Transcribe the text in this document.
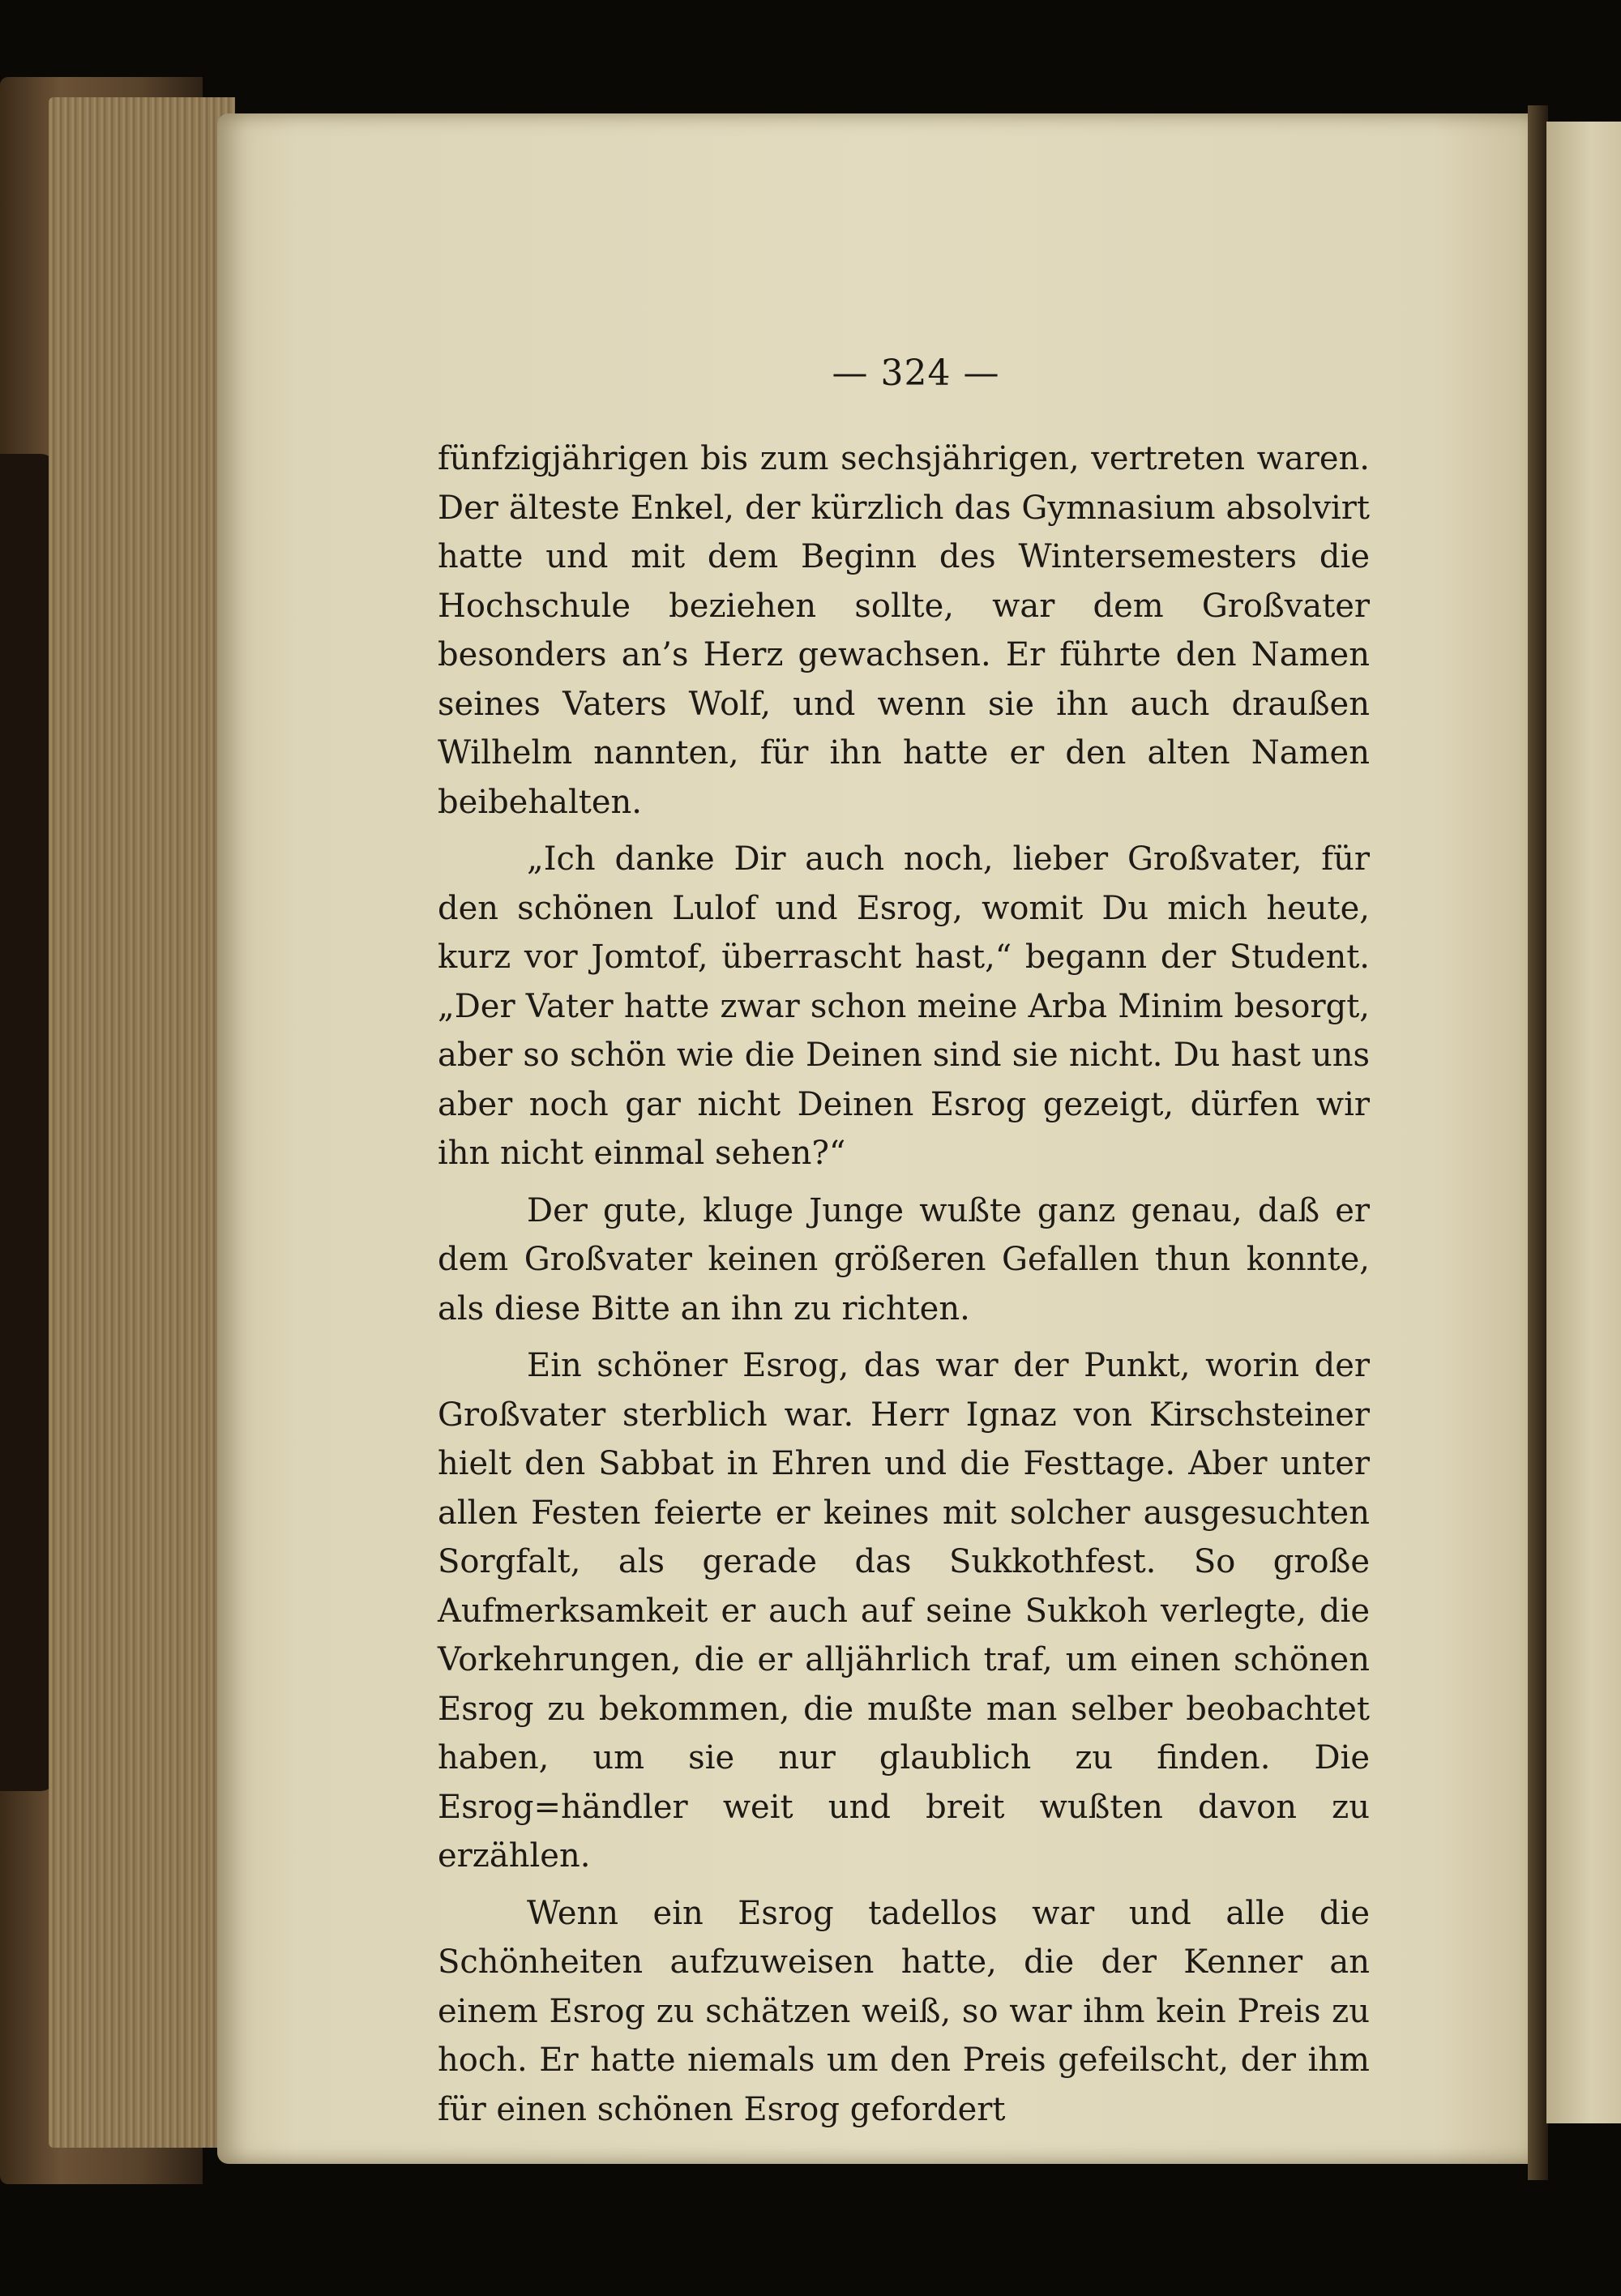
— 324 —

fünfzigjährigen bis zum sechsjährigen, vertreten waren. Der älteste Enkel, der kürzlich das Gymnasium absolvirt hatte und mit dem Beginn des Wintersemesters die Hochschule beziehen sollte, war dem Großvater besonders an’s Herz gewachsen. Er führte den Namen seines Vaters Wolf, und wenn sie ihn auch draußen Wilhelm nannten, für ihn hatte er den alten Namen beibehalten.

„Ich danke Dir auch noch, lieber Großvater, für den schönen Lulof und Esrog, womit Du mich heute, kurz vor Jomtof, überrascht hast,“ begann der Student. „Der Vater hatte zwar schon meine Arba Minim besorgt, aber so schön wie die Deinen sind sie nicht. Du hast uns aber noch gar nicht Deinen Esrog gezeigt, dürfen wir ihn nicht einmal sehen?“

Der gute, kluge Junge wußte ganz genau, daß er dem Großvater keinen größeren Gefallen thun konnte, als diese Bitte an ihn zu richten.

Ein schöner Esrog, das war der Punkt, worin der Großvater sterblich war. Herr Ignaz von Kirschsteiner hielt den Sabbat in Ehren und die Festtage. Aber unter allen Festen feierte er keines mit solcher ausgesuchten Sorgfalt, als gerade das Sukkothfest. So große Aufmerksamkeit er auch auf seine Sukkoh verlegte, die Vorkehrungen, die er alljährlich traf, um einen schönen Esrog zu bekommen, die mußte man selber beobachtet haben, um sie nur glaublich zu finden. Die Esrog=händler weit und breit wußten davon zu erzählen.

Wenn ein Esrog tadellos war und alle die Schönheiten aufzuweisen hatte, die der Kenner an einem Esrog zu schätzen weiß, so war ihm kein Preis zu hoch. Er hatte niemals um den Preis gefeilscht, der ihm für einen schönen Esrog gefordert
